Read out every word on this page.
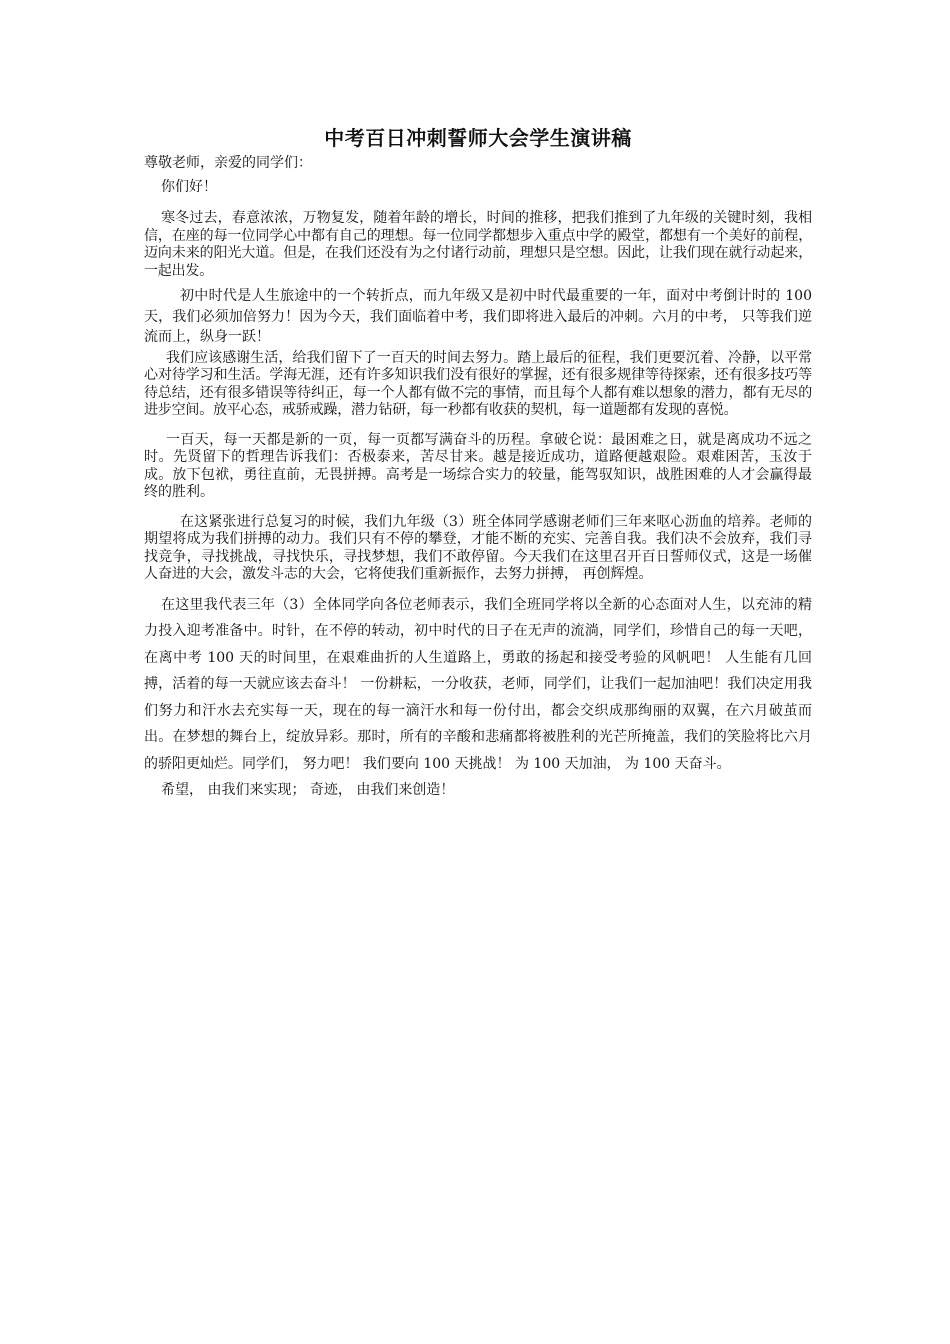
中考百日冲刺誓师大会学生演讲稿

尊敬老师，亲爱的同学们：

你们好！

寒冬过去，春意浓浓，万物复发，随着年龄的增长，时间的推移，把我们推到了九年级的关键时刻，我相信，在座的每一位同学心中都有自己的理想。每一位同学都想步入重点中学的殿堂，都想有一个美好的前程，迈向未来的阳光大道。但是，在我们还没有为之付诸行动前，理想只是空想。因此，让我们现在就行动起来，一起出发。

初中时代是人生旅途中的一个转折点，而九年级又是初中时代最重要的一年，面对中考倒计时的 100 天，我们必须加倍努力！因为今天，我们面临着中考，我们即将进入最后的冲刺。六月的中考， 只等我们逆流而上，纵身一跃！

我们应该感谢生活，给我们留下了一百天的时间去努力。踏上最后的征程，我们更要沉着、冷静，以平常心对待学习和生活。学海无涯，还有许多知识我们没有很好的掌握，还有很多规律等待探索，还有很多技巧等待总结，还有很多错误等待纠正，每一个人都有做不完的事情，而且每个人都有难以想象的潜力，都有无尽的进步空间。放平心态，戒骄戒躁，潜力钻研，每一秒都有收获的契机，每一道题都有发现的喜悦。

一百天，每一天都是新的一页，每一页都写满奋斗的历程。拿破仑说：最困难之日，就是离成功不远之时。先贤留下的哲理告诉我们：否极泰来，苦尽甘来。越是接近成功，道路便越艰险。艰难困苦，玉汝于成。放下包袱，勇往直前，无畏拼搏。高考是一场综合实力的较量，能驾驭知识，战胜困难的人才会赢得最终的胜利。

在这紧张进行总复习的时候，我们九年级（3）班全体同学感谢老师们三年来呕心沥血的培养。老师的期望将成为我们拼搏的动力。我们只有不停的攀登，才能不断的充实、完善自我。我们决不会放弃，我们寻找竞争，寻找挑战，寻找快乐，寻找梦想，我们不敢停留。今天我们在这里召开百日誓师仪式，这是一场催人奋进的大会，激发斗志的大会，它将使我们重新振作，去努力拼搏， 再创辉煌。

在这里我代表三年（3）全体同学向各位老师表示，我们全班同学将以全新的心态面对人生，以充沛的精力投入迎考准备中。时针，在不停的转动，初中时代的日子在无声的流淌，同学们，珍惜自己的每一天吧，在离中考 100 天的时间里，在艰难曲折的人生道路上，勇敢的扬起和接受考验的风帆吧！ 人生能有几回搏，活着的每一天就应该去奋斗！ 一份耕耘，一分收获，老师，同学们，让我们一起加油吧！我们决定用我们努力和汗水去充实每一天，现在的每一滴汗水和每一份付出，都会交织成那绚丽的双翼，在六月破茧而出。在梦想的舞台上，绽放异彩。那时，所有的辛酸和悲痛都将被胜利的光芒所掩盖，我们的笑脸将比六月的骄阳更灿烂。同学们， 努力吧！ 我们要向 100 天挑战！ 为 100 天加油， 为 100 天奋斗。

希望， 由我们来实现； 奇迹， 由我们来创造！
